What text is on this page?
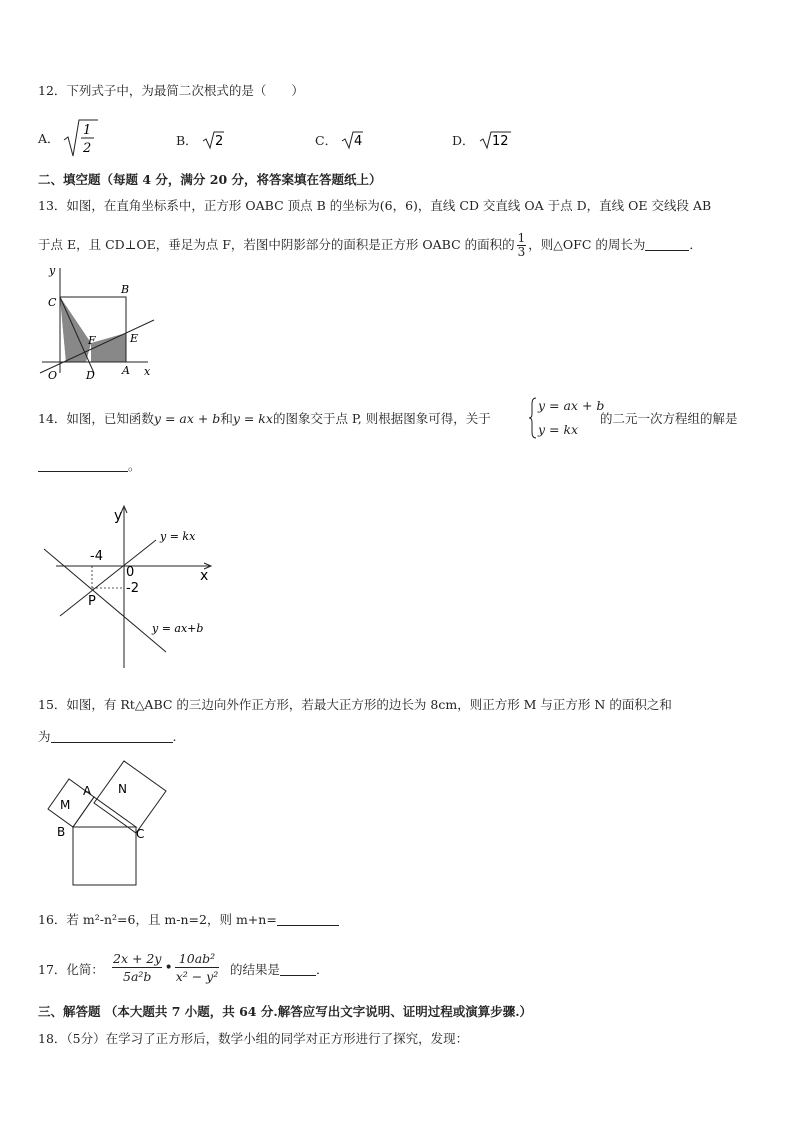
12．下列式子中，为最简二次根式的是（　　）
A．
1
2
B． 2	C． 4	D． 12
二、填空题（每题 4 分，满分 20 分，将答案填在答题纸上）
13．如图，在直角坐标系中，正方形 OABC 顶点 B 的坐标为(6，6)，直线 CD 交直线 OA 于点 D，直线 OE 交线段 AB
于点 E，且 CD⊥OE，垂足为点 F，若图中阴影部分的面积是正方形 OABC 的面积的 $\frac{1}{3}$ ，则△OFC 的周长为	．
y
x
C
B
F	E
O	D A
14．如图，已知函数y = ax + b和y = kx的图象交于点 P, 则根据图象可得，关于
y = ax + b
y = kx
的二元一次方程组的解是
。
y
x
0
-4
-2
P
y = kx
y = ax+b
15．如图，有 Rt△ABC 的三边向外作正方形，若最大正方形的边长为 8cm，则正方形 M 与正方形 N 的面积之和
为	.
M
A N
B	C
16．若 m²-n²=6，且 m-n=2，则 m+n=
17．化简： $\frac{2x + 2y}{\text{5a²b}}$ • $\frac{\text{10ab²}}{\text{x² − y²}}$ 的结果是	．
三、解答题 （本大题共 7 小题，共 64 分.解答应写出文字说明、证明过程或演算步骤.）
18．（5分）在学习了正方形后，数学小组的同学对正方形进行了探究，发现：
